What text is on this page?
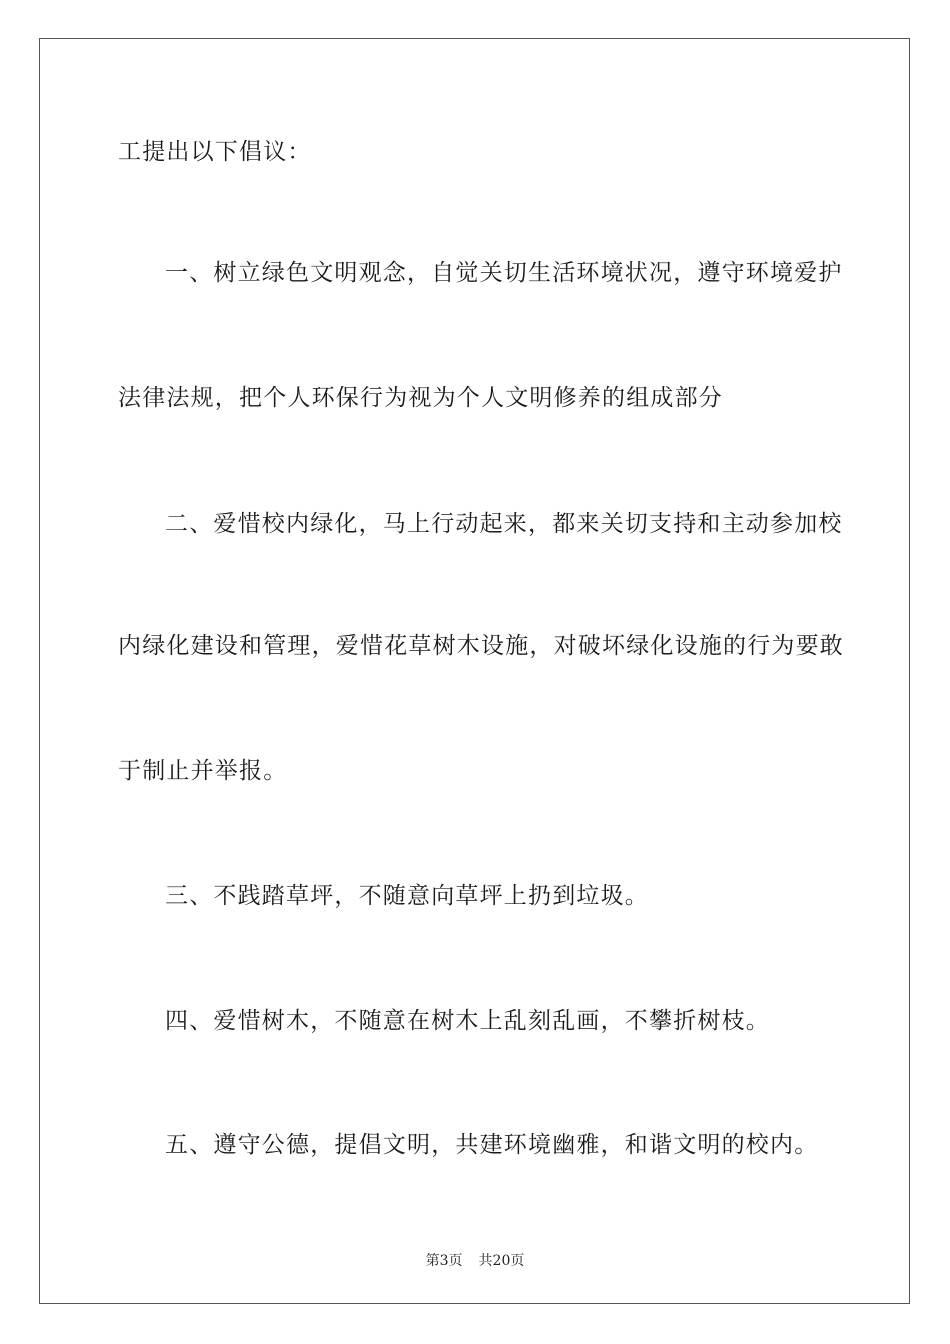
工提出以下倡议：
一、树立绿色文明观念，自觉关切生活环境状况，遵守环境爱护
法律法规，把个人环保行为视为个人文明修养的组成部分
二、爱惜校内绿化，马上行动起来，都来关切支持和主动参加校
内绿化建设和管理，爱惜花草树木设施，对破坏绿化设施的行为要敢
于制止并举报。
三、不践踏草坪，不随意向草坪上扔到垃圾。
四、爱惜树木，不随意在树木上乱刻乱画，不攀折树枝。
五、遵守公德，提倡文明，共建环境幽雅，和谐文明的校内。
第3页 共20页
